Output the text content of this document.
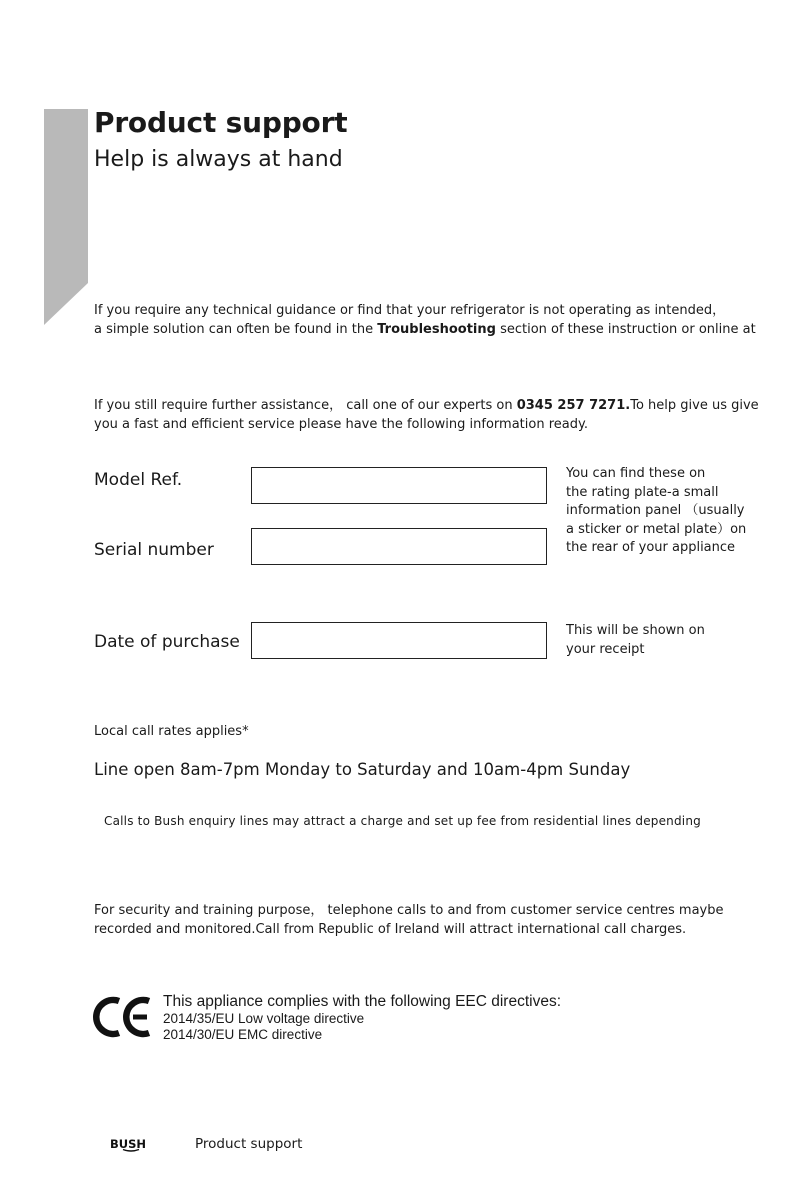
Product support
Help is always at hand
If you require any technical guidance or find that your refrigerator is not operating as intended，
a simple solution can often be found in the Troubleshooting section of these instruction or online at
If you still require further assistance， call one of our experts on 0345 257 7271.To help give us give
you a fast and efficient service please have the following information ready.
Model Ref.
Serial number
Date of purchase
You can find these on
the rating plate-a small
information panel （usually
a sticker or metal plate）on
the rear of your appliance
This will be shown on
your receipt
Local call rates applies*
Line open 8am-7pm Monday to Saturday and 10am-4pm Sunday
Calls to Bush enquiry lines may attract a charge and set up fee from residential lines depending
For security and training purpose， telephone calls to and from customer service centres maybe
recorded and monitored.Call from Republic of Ireland will attract international call charges.
This appliance complies with the following EEC directives:
2014/35/EU Low voltage directive
2014/30/EU EMC directive
BUSH	Product support
